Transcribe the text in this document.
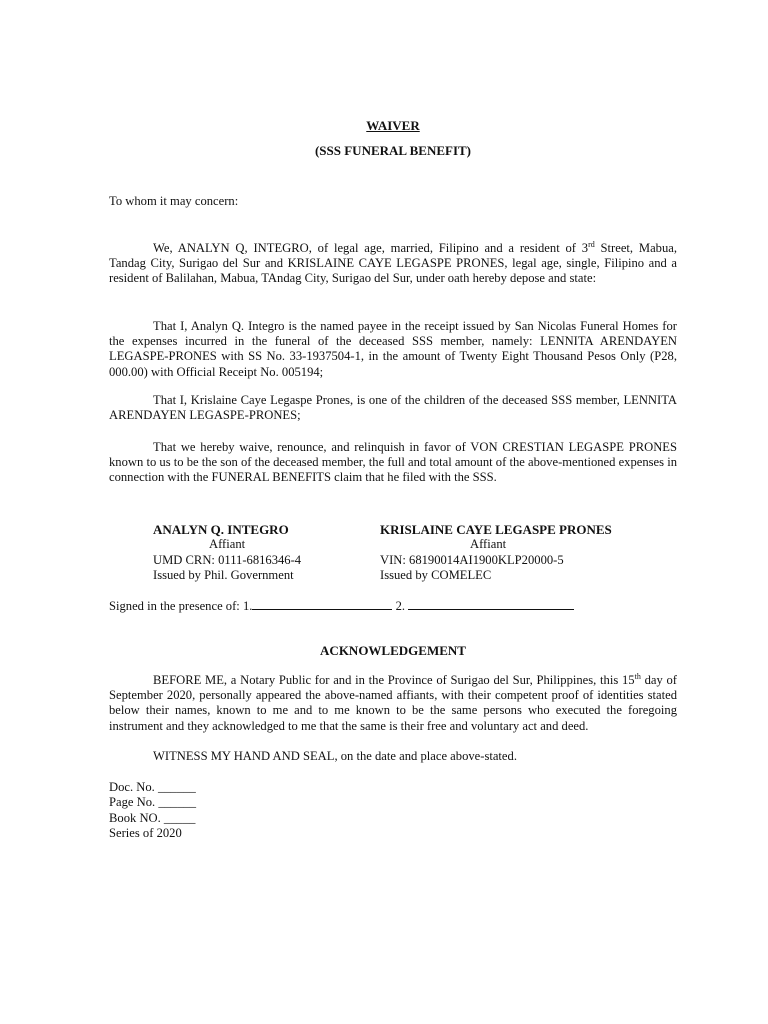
WAIVER
(SSS FUNERAL BENEFIT)
To whom it may concern:
We, ANALYN Q, INTEGRO, of legal age, married, Filipino and a resident of 3rd Street, Mabua, Tandag City, Surigao del Sur and KRISLAINE CAYE LEGASPE PRONES, legal age, single, Filipino and a resident of Balilahan, Mabua, TAndag City, Surigao del Sur, under oath hereby depose and state:
That I, Analyn Q. Integro is the named payee in the receipt issued by San Nicolas Funeral Homes for the expenses incurred in the funeral of the deceased SSS member, namely: LENNITA ARENDAYEN LEGASPE-PRONES with SS No. 33-1937504-1, in the amount of Twenty Eight Thousand Pesos Only (P28, 000.00) with Official Receipt No. 005194;
That I, Krislaine Caye Legaspe Prones, is one of the children of the deceased SSS member, LENNITA ARENDAYEN LEGASPE-PRONES;
That we hereby waive, renounce, and relinquish in favor of VON CRESTIAN LEGASPE PRONES known to us to be the son of the deceased member, the full and total amount of the above-mentioned expenses in connection with the FUNERAL BENEFITS claim that he filed with the SSS.
ANALYN Q. INTEGRO
Affiant
UMD CRN: 0111-6816346-4
Issued by Phil. Government
KRISLAINE CAYE LEGASPE PRONES
Affiant
VIN: 68190014AI1900KLP20000-5
Issued by COMELEC
Signed in the presence of: 1.	2.
ACKNOWLEDGEMENT
BEFORE ME, a Notary Public for and in the Province of Surigao del Sur, Philippines, this 15th day of September 2020, personally appeared the above-named affiants, with their competent proof of identities stated below their names, known to me and to me known to be the same persons who executed the foregoing instrument and they acknowledged to me that the same is their free and voluntary act and deed.
WITNESS MY HAND AND SEAL, on the date and place above-stated.
Doc. No. ______
Page No. ______
Book NO. _____
Series of 2020
